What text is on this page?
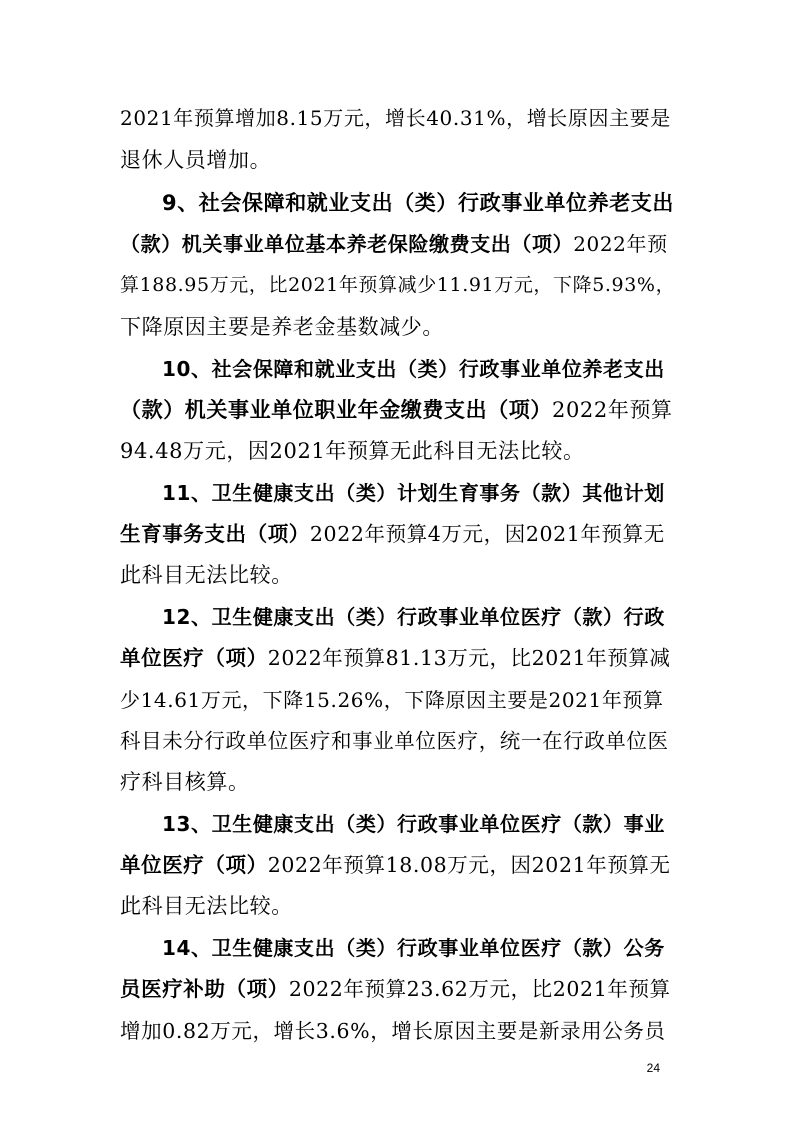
2021年预算增加8.15万元，增长40.31%，增长原因主要是
退休人员增加。
9、社会保障和就业支出（类）行政事业单位养老支出
（款）机关事业单位基本养老保险缴费支出（项）2022年预
算188.95万元，比2021年预算减少11.91万元，下降5.93%，
下降原因主要是养老金基数减少。
10、社会保障和就业支出（类）行政事业单位养老支出
（款）机关事业单位职业年金缴费支出（项）2022年预算
94.48万元，因2021年预算无此科目无法比较。
11、卫生健康支出（类）计划生育事务（款）其他计划
生育事务支出（项）2022年预算4万元，因2021年预算无
此科目无法比较。
12、卫生健康支出（类）行政事业单位医疗（款）行政
单位医疗（项）2022年预算81.13万元，比2021年预算减
少14.61万元，下降15.26%，下降原因主要是2021年预算
科目未分行政单位医疗和事业单位医疗，统一在行政单位医
疗科目核算。
13、卫生健康支出（类）行政事业单位医疗（款）事业
单位医疗（项）2022年预算18.08万元，因2021年预算无
此科目无法比较。
14、卫生健康支出（类）行政事业单位医疗（款）公务
员医疗补助（项）2022年预算23.62万元，比2021年预算
增加0.82万元，增长3.6%，增长原因主要是新录用公务员
24
